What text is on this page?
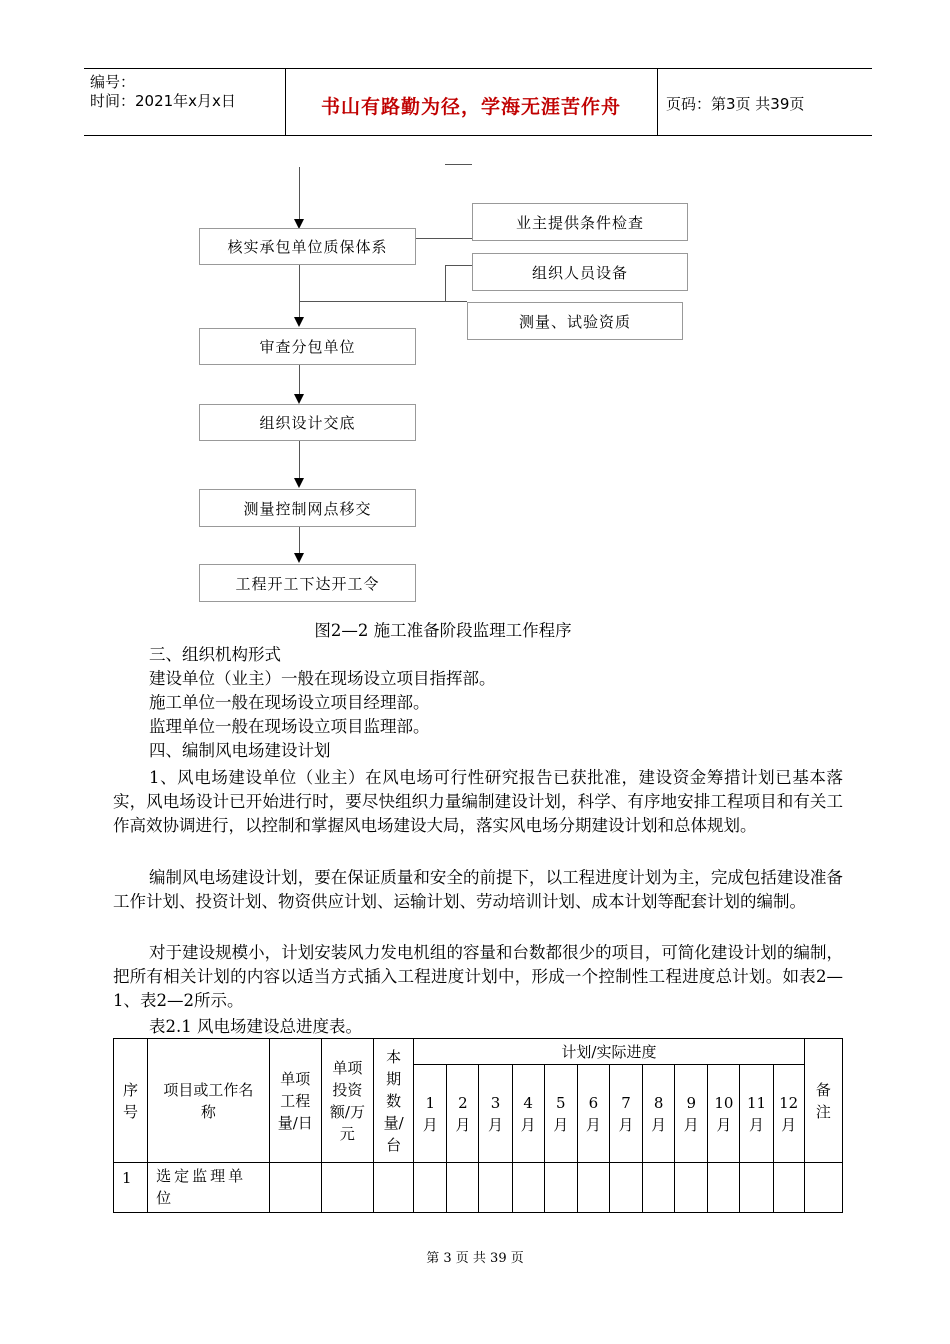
编号：
时间：2021年x月x日	书山有路勤为径，学海无涯苦作舟	页码：第3页 共39页
核实承包单位质保体系
审查分包单位
组织设计交底
测量控制网点移交
工程开工下达开工令
业主提供条件检查
组织人员设备
测量、试验资质
图2—2 施工准备阶段监理工作程序
三、组织机构形式
建设单位（业主）一般在现场设立项目指挥部。
施工单位一般在现场设立项目经理部。
监理单位一般在现场设立项目监理部。
四、编制风电场建设计划
1、风电场建设单位（业主）在风电场可行性研究报告已获批准，建设资金筹措计划已基本落实，风电场设计已开始进行时，要尽快组织力量编制建设计划，科学、有序地安排工程项目和有关工作高效协调进行，以控制和掌握风电场建设大局，落实风电场分期建设计划和总体规划。
编制风电场建设计划，要在保证质量和安全的前提下，以工程进度计划为主，完成包括建设准备工作计划、投资计划、物资供应计划、运输计划、劳动培训计划、成本计划等配套计划的编制。
对于建设规模小，计划安装风力发电机组的容量和台数都很少的项目，可简化建设计划的编制，把所有相关计划的内容以适当方式插入工程进度计划中，形成一个控制性工程进度总计划。如表2—1、表2—2所示。
表2.1 风电场建设总进度表。
序号	项目或工作名称	单项工程量/日	单项投资额/万元	本期数量/台	计划/实际进度												备注
					1月	2月	3月	4月	5月	6月	7月	8月	9月	10月	11月	12月	
1	选定监理单位																
第 3 页 共 39 页
